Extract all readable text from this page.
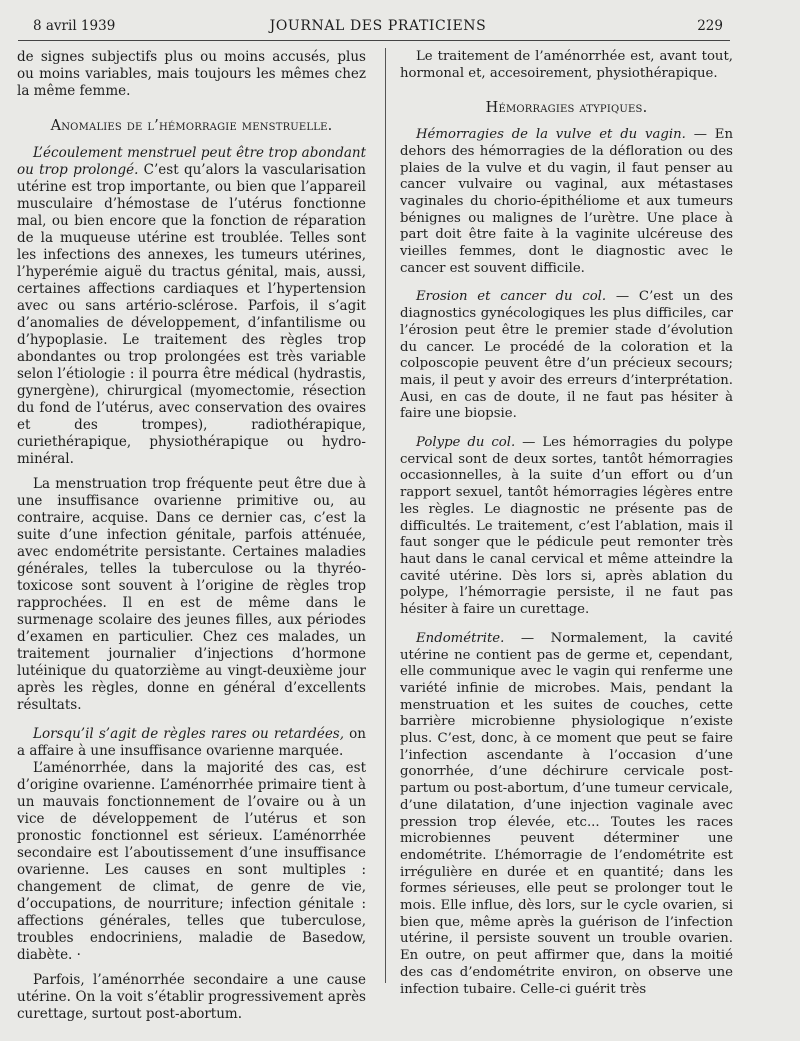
8 avril 1939	JOURNAL DES PRATICIENS	229

de signes subjectifs plus ou moins accusés, plus ou moins variables, mais toujours les mêmes chez la même femme.

Anomalies de l’hémorragie menstruelle.

L’écoulement menstruel peut être trop abondant ou trop prolongé. C’est qu’alors la vascularisation utérine est trop importante, ou bien que l’appareil musculaire d’hémostase de l’utérus fonctionne mal, ou bien encore que la fonction de réparation de la muqueuse utérine est troublée. Telles sont les infections des annexes, les tumeurs utérines, l’hyperémie aiguë du tractus génital, mais, aussi, certaines affections cardiaques et l’hypertension avec ou sans artério-sclérose. Parfois, il s’agit d’anomalies de développement, d’infantilisme ou d’hypoplasie. Le traitement des règles trop abondantes ou trop prolongées est très variable selon l’étiologie : il pourra être médical (hydrastis, gynergène), chirurgical (myomectomie, résection du fond de l’utérus, avec conservation des ovaires et des trompes), radiothérapique, curiethérapique, physiothérapique ou hydro-minéral.

La menstruation trop fréquente peut être due à une insuffisance ovarienne primitive ou, au contraire, acquise. Dans ce dernier cas, c’est la suite d’une infection génitale, parfois atténuée, avec endométrite persistante. Certaines maladies générales, telles la tuberculose ou la thyréo-toxicose sont souvent à l’origine de règles trop rapprochées. Il en est de même dans le surmenage scolaire des jeunes filles, aux périodes d’examen en particulier. Chez ces malades, un traitement journalier d’injections d’hormone lutéinique du quatorzième au vingt-deuxième jour après les règles, donne en général d’excellents résultats.

Lorsqu’il s’agit de règles rares ou retardées, on a affaire à une insuffisance ovarienne marquée.

L’aménorrhée, dans la majorité des cas, est d’origine ovarienne. L’aménorrhée primaire tient à un mauvais fonctionnement de l’ovaire ou à un vice de développement de l’utérus et son pronostic fonctionnel est sérieux. L’aménorrhée secondaire est l’aboutissement d’une insuffisance ovarienne. Les causes en sont multiples : changement de climat, de genre de vie, d’occupations, de nourriture; infection génitale : affections générales, telles que tuberculose, troubles endocriniens, maladie de Basedow, diabète. ·

Parfois, l’aménorrhée secondaire a une cause utérine. On la voit s’établir progressivement après curettage, surtout post-abortum.

Le traitement de l’aménorrhée est, avant tout, hormonal et, accesoirement, physiothérapique.

Hémorragies atypiques.

Hémorragies de la vulve et du vagin. — En dehors des hémorragies de la défloration ou des plaies de la vulve et du vagin, il faut penser au cancer vulvaire ou vaginal, aux métastases vaginales du chorio-épithéliome et aux tumeurs bénignes ou malignes de l’urètre. Une place à part doit être faite à la vaginite ulcéreuse des vieilles femmes, dont le diagnostic avec le cancer est souvent difficile.

Erosion et cancer du col. — C’est un des diagnostics gynécologiques les plus difficiles, car l’érosion peut être le premier stade d’évolution du cancer. Le procédé de la coloration et la colposcopie peuvent être d’un précieux secours; mais, il peut y avoir des erreurs d’interprétation. Ausi, en cas de doute, il ne faut pas hésiter à faire une biopsie.

Polype du col. — Les hémorragies du polype cervical sont de deux sortes, tantôt hémorragies occasionnelles, à la suite d’un effort ou d’un rapport sexuel, tantôt hémorragies légères entre les règles. Le diagnostic ne présente pas de difficultés. Le traitement, c’est l’ablation, mais il faut songer que le pédicule peut remonter très haut dans le canal cervical et même atteindre la cavité utérine. Dès lors si, après ablation du polype, l’hémorragie persiste, il ne faut pas hésiter à faire un curettage.

Endométrite. — Normalement, la cavité utérine ne contient pas de germe et, cependant, elle communique avec le vagin qui renferme une variété infinie de microbes. Mais, pendant la menstruation et les suites de couches, cette barrière microbienne physiologique n’existe plus. C’est, donc, à ce moment que peut se faire l’infection ascendante à l’occasion d’une gonorrhée, d’une déchirure cervicale post-partum ou post-abortum, d’une tumeur cervicale, d’une dilatation, d’une injection vaginale avec pression trop élevée, etc... Toutes les races microbiennes peuvent déterminer une endométrite. L’hémorragie de l’endométrite est irrégulière en durée et en quantité; dans les formes sérieuses, elle peut se prolonger tout le mois. Elle influe, dès lors, sur le cycle ovarien, si bien que, même après la guérison de l’infection utérine, il persiste souvent un trouble ovarien. En outre, on peut affirmer que, dans la moitié des cas d’endométrite environ, on observe une infection tubaire. Celle-ci guérit très
